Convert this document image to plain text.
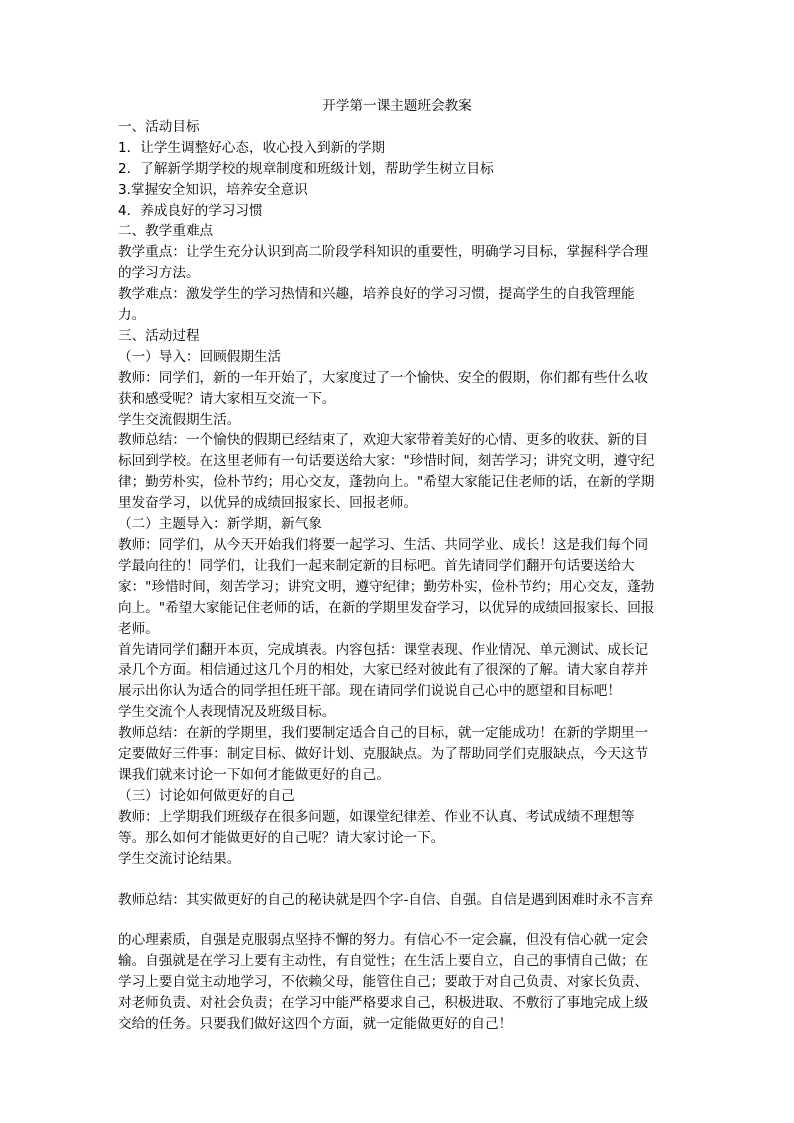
开学第一课主题班会教案
一、活动目标
1．让学生调整好心态，收心投入到新的学期
2．了解新学期学校的规章制度和班级计划，帮助学生树立目标
3.掌握安全知识，培养安全意识
4．养成良好的学习习惯
二、教学重难点
教学重点：让学生充分认识到高二阶段学科知识的重要性，明确学习目标，掌握科学合理
的学习方法。
教学难点：激发学生的学习热情和兴趣，培养良好的学习习惯，提高学生的自我管理能
力。
三、活动过程
（一）导入：回顾假期生活
教师：同学们，新的一年开始了，大家度过了一个愉快、安全的假期，你们都有些什么收
获和感受呢？请大家相互交流一下。
学生交流假期生活。
教师总结：一个愉快的假期已经结束了，欢迎大家带着美好的心情、更多的收获、新的目
标回到学校。在这里老师有一句话要送给大家："珍惜时间，刻苦学习；讲究文明，遵守纪
律；勤劳朴实，俭朴节约；用心交友，蓬勃向上。"希望大家能记住老师的话，在新的学期
里发奋学习，以优异的成绩回报家长、回报老师。
（二）主题导入：新学期，新气象
教师：同学们，从今天开始我们将要一起学习、生活、共同学业、成长！这是我们每个同
学最向往的！同学们，让我们一起来制定新的目标吧。首先请同学们翻开句话要送给大
家："珍惜时间，刻苦学习；讲究文明，遵守纪律；勤劳朴实，俭朴节约；用心交友，蓬勃
向上。"希望大家能记住老师的话，在新的学期里发奋学习，以优异的成绩回报家长、回报
老师。
首先请同学们翻开本页，完成填表。内容包括：课堂表现、作业情况、单元测试、成长记
录几个方面。相信通过这几个月的相处，大家已经对彼此有了很深的了解。请大家自荐并
展示出你认为适合的同学担任班干部。现在请同学们说说自己心中的愿望和目标吧！
学生交流个人表现情况及班级目标。
教师总结：在新的学期里，我们要制定适合自己的目标，就一定能成功！在新的学期里一
定要做好三件事：制定目标、做好计划、克服缺点。为了帮助同学们克服缺点，今天这节
课我们就来讨论一下如何才能做更好的自己。
（三）讨论如何做更好的自己
教师：上学期我们班级存在很多问题，如课堂纪律差、作业不认真、考试成绩不理想等
等。那么如何才能做更好的自己呢？请大家讨论一下。
学生交流讨论结果。
教师总结：其实做更好的自己的秘诀就是四个字-自信、自强。自信是遇到困难时永不言弃
的心理素质，自强是克服弱点坚持不懈的努力。有信心不一定会赢，但没有信心就一定会
输。自强就是在学习上要有主动性，有自觉性；在生活上要自立，自己的事情自己做；在
学习上要自觉主动地学习，不依赖父母，能管住自己；要敢于对自己负责、对家长负责、
对老师负责、对社会负责；在学习中能严格要求自己，积极进取、不敷衍了事地完成上级
交给的任务。只要我们做好这四个方面，就一定能做更好的自己！
